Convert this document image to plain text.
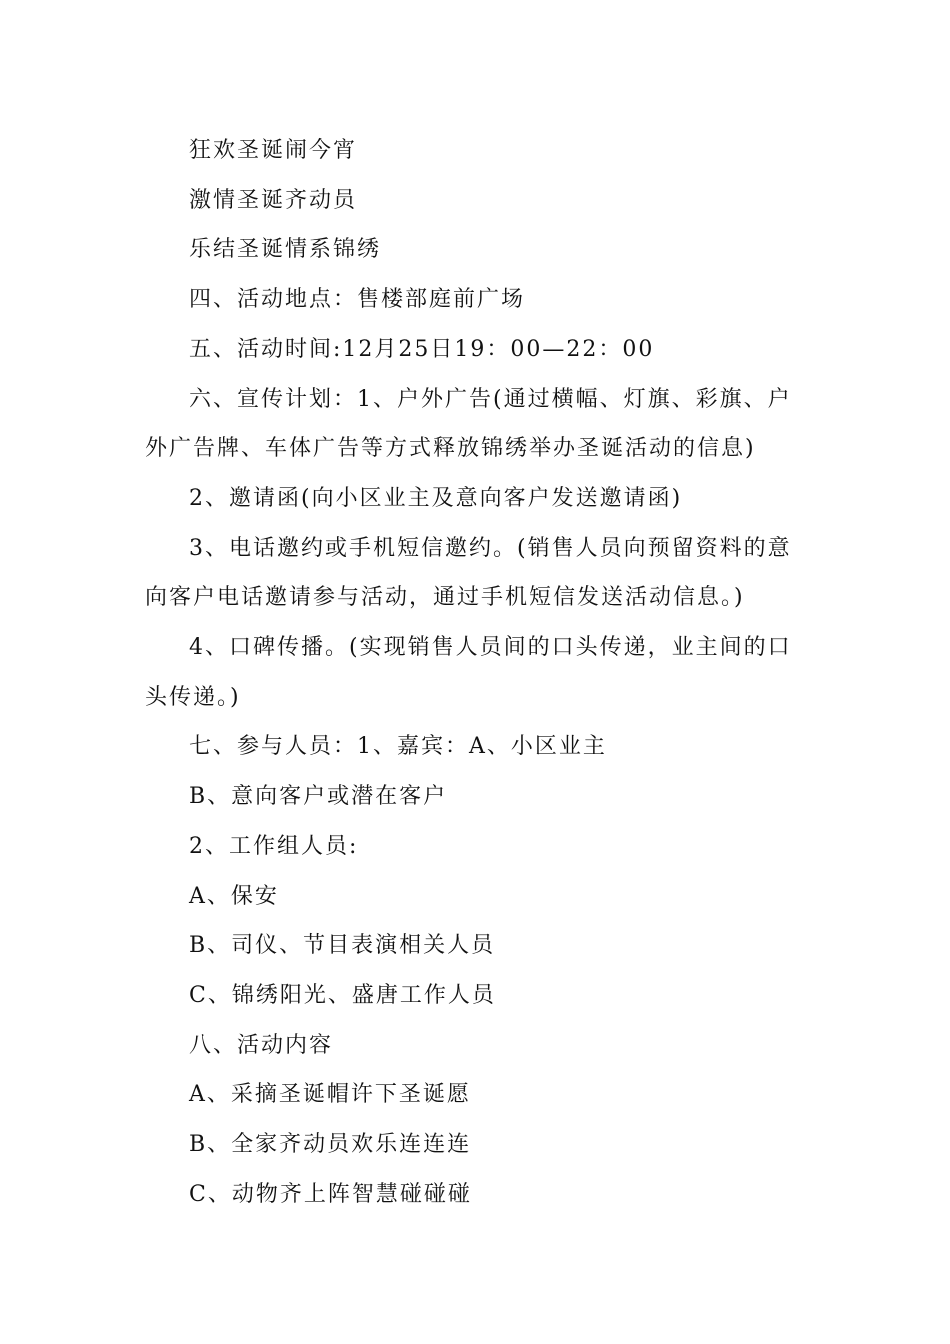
狂欢圣诞闹今宵

激情圣诞齐动员

乐结圣诞情系锦绣

四、活动地点：售楼部庭前广场

五、活动时间:12月25日19：00—22：00

六、宣传计划：1、户外广告(通过横幅、灯旗、彩旗、户外广告牌、车体广告等方式释放锦绣举办圣诞活动的信息)

2、邀请函(向小区业主及意向客户发送邀请函)

3、电话邀约或手机短信邀约。(销售人员向预留资料的意向客户电话邀请参与活动，通过手机短信发送活动信息。)

4、口碑传播。(实现销售人员间的口头传递，业主间的口头传递。)

七、参与人员：1、嘉宾：A、小区业主

B、意向客户或潜在客户

2、工作组人员:

A、保安

B、司仪、节目表演相关人员

C、锦绣阳光、盛唐工作人员

八、活动内容

A、采摘圣诞帽许下圣诞愿

B、全家齐动员欢乐连连连

C、动物齐上阵智慧碰碰碰
